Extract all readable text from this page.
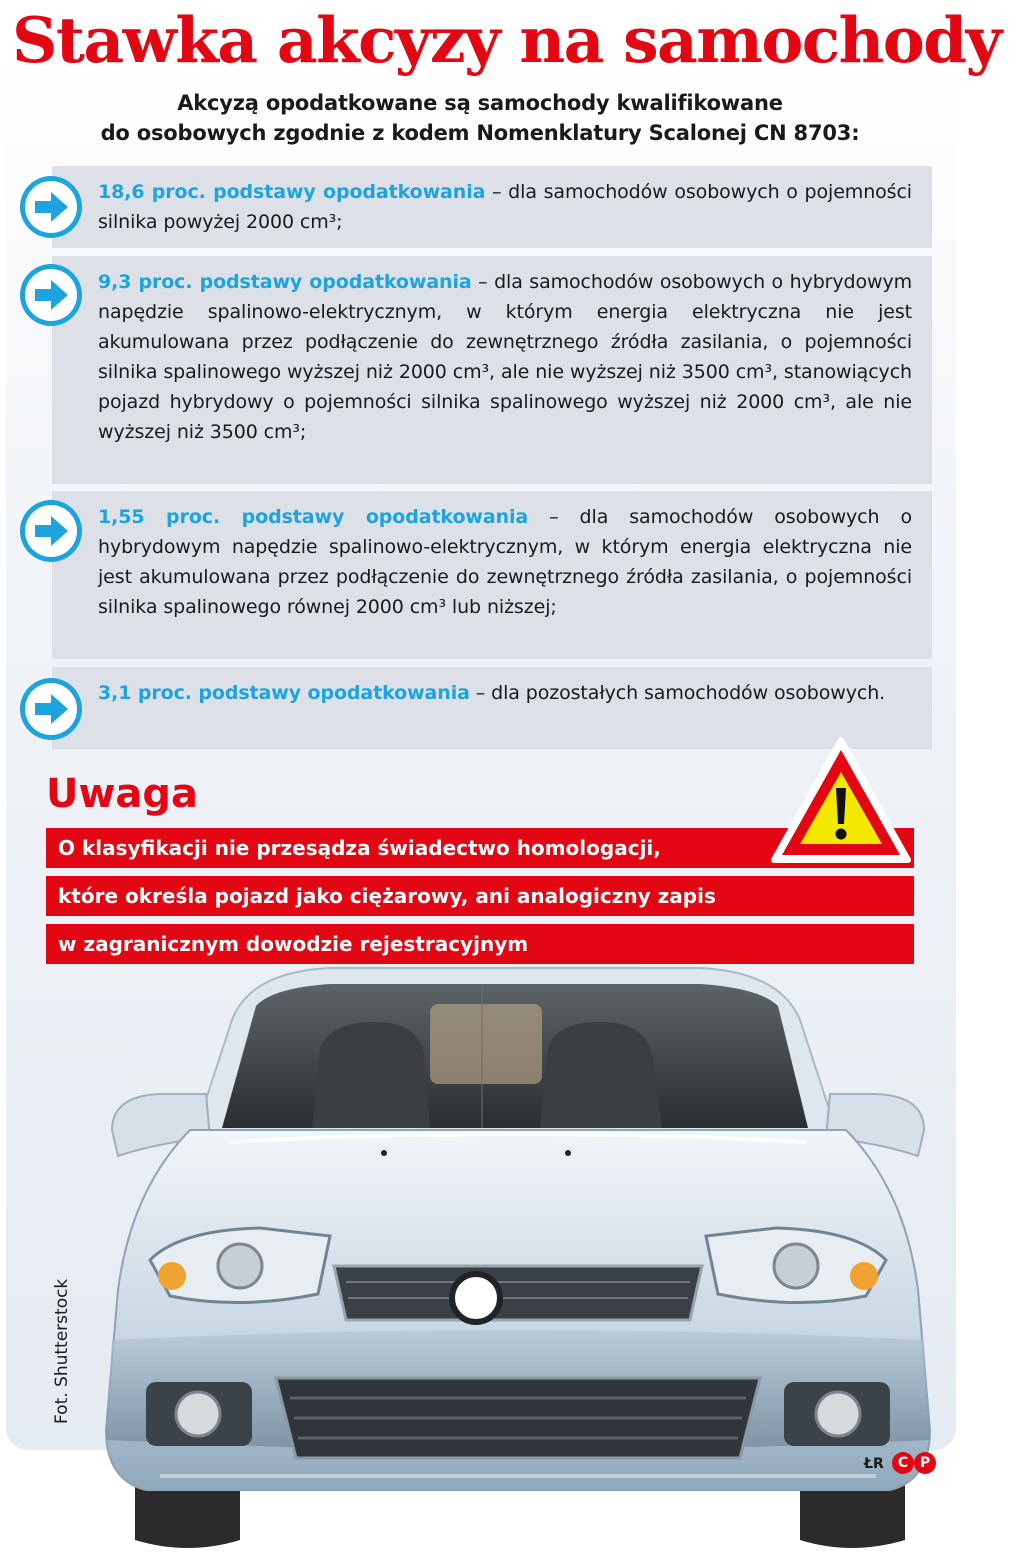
Stawka akcyzy na samochody
Akcyzą opodatkowane są samochody kwalifikowane
do osobowych zgodnie z kodem Nomenklatury Scalonej CN 8703:

18,6 proc. podstawy opodatkowania – dla samochodów osobowych o pojemności silnika powyżej 2000 cm³;

9,3 proc. podstawy opodatkowania – dla samochodów osobowych o hybrydowym napędzie spalinowo-elektrycznym, w którym energia elektryczna nie jest akumulowana przez podłączenie do zewnętrznego źródła zasilania, o pojemności silnika spalinowego wyższej niż 2000 cm³, ale nie wyższej niż 3500 cm³, stanowiących pojazd hybrydowy o pojemności silnika spalinowego wyższej niż 2000 cm³, ale nie wyższej niż 3500 cm³;

1,55 proc. podstawy opodatkowania – dla samochodów osobowych o hybrydowym napędzie spalinowo-elektrycznym, w którym energia elektryczna nie jest akumulowana przez podłączenie do zewnętrznego źródła zasilania, o pojemności silnika spalinowego równej 2000 cm³ lub niższej;

3,1 proc. podstawy opodatkowania – dla pozostałych samochodów osobowych.

Uwaga
O klasyfikacji nie przesądza świadectwo homologacji,
które określa pojazd jako ciężarowy, ani analogiczny zapis
w zagranicznym dowodzie rejestracyjnym
Fot. Shutterstock
ŁR	C P
